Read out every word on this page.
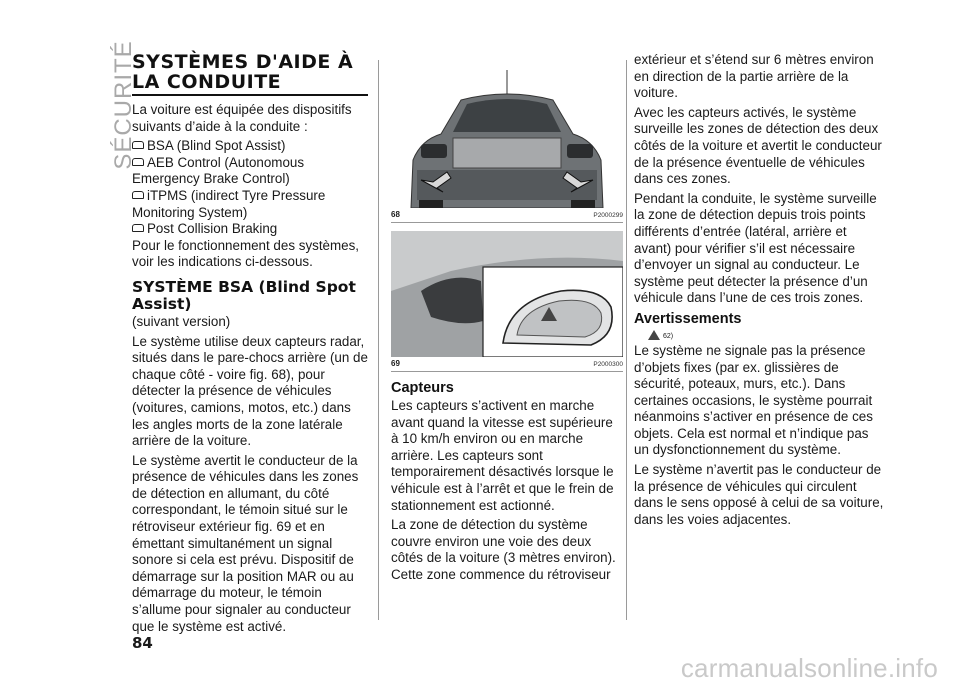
SÉCURITÉ
SYSTÈMES D'AIDE À LA CONDUITE

La voiture est équipée des dispositifs suivants d’aide à la conduite :

BSA (Blind Spot Assist)
AEB Control (Autonomous Emergency Brake Control)
iTPMS (indirect Tyre Pressure Monitoring System)
Post Collision Braking

Pour le fonctionnement des systèmes, voir les indications ci-dessous.

SYSTÈME BSA (Blind Spot Assist)

(suivant version)

Le système utilise deux capteurs radar, situés dans le pare-chocs arrière (un de chaque côté - voire fig. 68), pour détecter la présence de véhicules (voitures, camions, motos, etc.) dans les angles morts de la zone latérale arrière de la voiture.

Le système avertit le conducteur de la présence de véhicules dans les zones de détection en allumant, du côté correspondant, le témoin situé sur le rétroviseur extérieur fig. 69 et en émettant simultanément un signal sonore si cela est prévu. Dispositif de démarrage sur la position MAR ou au démarrage du moteur, le témoin s’allume pour signaler au conducteur que le système est activé.

68	P2000299
69	P2000300
Capteurs

Les capteurs s’activent en marche avant quand la vitesse est supérieure à 10 km/h environ ou en marche arrière. Les capteurs sont temporairement désactivés lorsque le véhicule est à l’arrêt et que le frein de stationnement est actionné.

La zone de détection du système couvre environ une voie des deux côtés de la voiture (3 mètres environ). Cette zone commence du rétroviseur

extérieur et s’étend sur 6 mètres environ en direction de la partie arrière de la voiture.

Avec les capteurs activés, le système surveille les zones de détection des deux côtés de la voiture et avertit le conducteur de la présence éventuelle de véhicules dans ces zones.

Pendant la conduite, le système surveille la zone de détection depuis trois points différents d’entrée (latéral, arrière et avant) pour vérifier s’il est nécessaire d’envoyer un signal au conducteur. Le système peut détecter la présence d’un véhicule dans l’une de ces trois zones.

Avertissements
62)

Le système ne signale pas la présence d’objets fixes (par ex. glissières de sécurité, poteaux, murs, etc.). Dans certaines occasions, le système pourrait néanmoins s’activer en présence de ces objets. Cela est normal et n’indique pas un dysfonctionnement du système.

Le système n’avertit pas le conducteur de la présence de véhicules qui circulent dans le sens opposé à celui de sa voiture, dans les voies adjacentes.

84
carmanualsonline.info
